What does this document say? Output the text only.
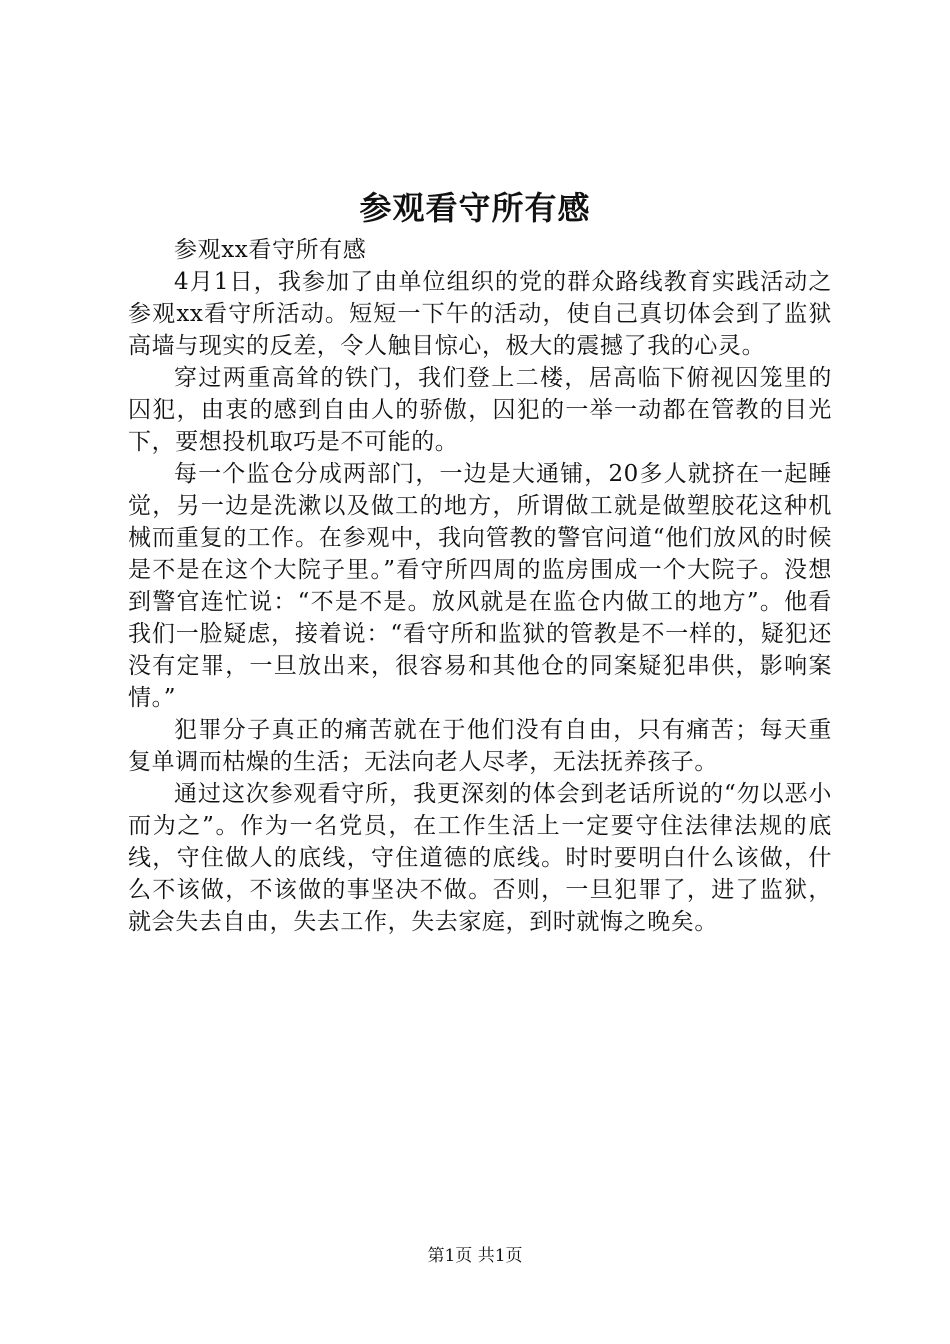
参观看守所有感

参观xx看守所有感

4月1日，我参加了由单位组织的党的群众路线教育实践活动之参观xx看守所活动。短短一下午的活动，使自己真切体会到了监狱高墙与现实的反差，令人触目惊心，极大的震撼了我的心灵。

穿过两重高耸的铁门，我们登上二楼，居高临下俯视囚笼里的囚犯，由衷的感到自由人的骄傲，囚犯的一举一动都在管教的目光下，要想投机取巧是不可能的。

每一个监仓分成两部门，一边是大通铺，20多人就挤在一起睡觉，另一边是洗漱以及做工的地方，所谓做工就是做塑胶花这种机械而重复的工作。在参观中，我向管教的警官问道“他们放风的时候是不是在这个大院子里。”看守所四周的监房围成一个大院子。没想到警官连忙说：“不是不是。放风就是在监仓内做工的地方”。他看我们一脸疑虑，接着说：“看守所和监狱的管教是不一样的，疑犯还没有定罪，一旦放出来，很容易和其他仓的同案疑犯串供，影响案情。”

犯罪分子真正的痛苦就在于他们没有自由，只有痛苦；每天重复单调而枯燥的生活；无法向老人尽孝，无法抚养孩子。

通过这次参观看守所，我更深刻的体会到老话所说的“勿以恶小而为之”。作为一名党员，在工作生活上一定要守住法律法规的底线，守住做人的底线，守住道德的底线。时时要明白什么该做，什么不该做，不该做的事坚决不做。否则，一旦犯罪了，进了监狱，就会失去自由，失去工作，失去家庭，到时就悔之晚矣。

第1页 共1页
